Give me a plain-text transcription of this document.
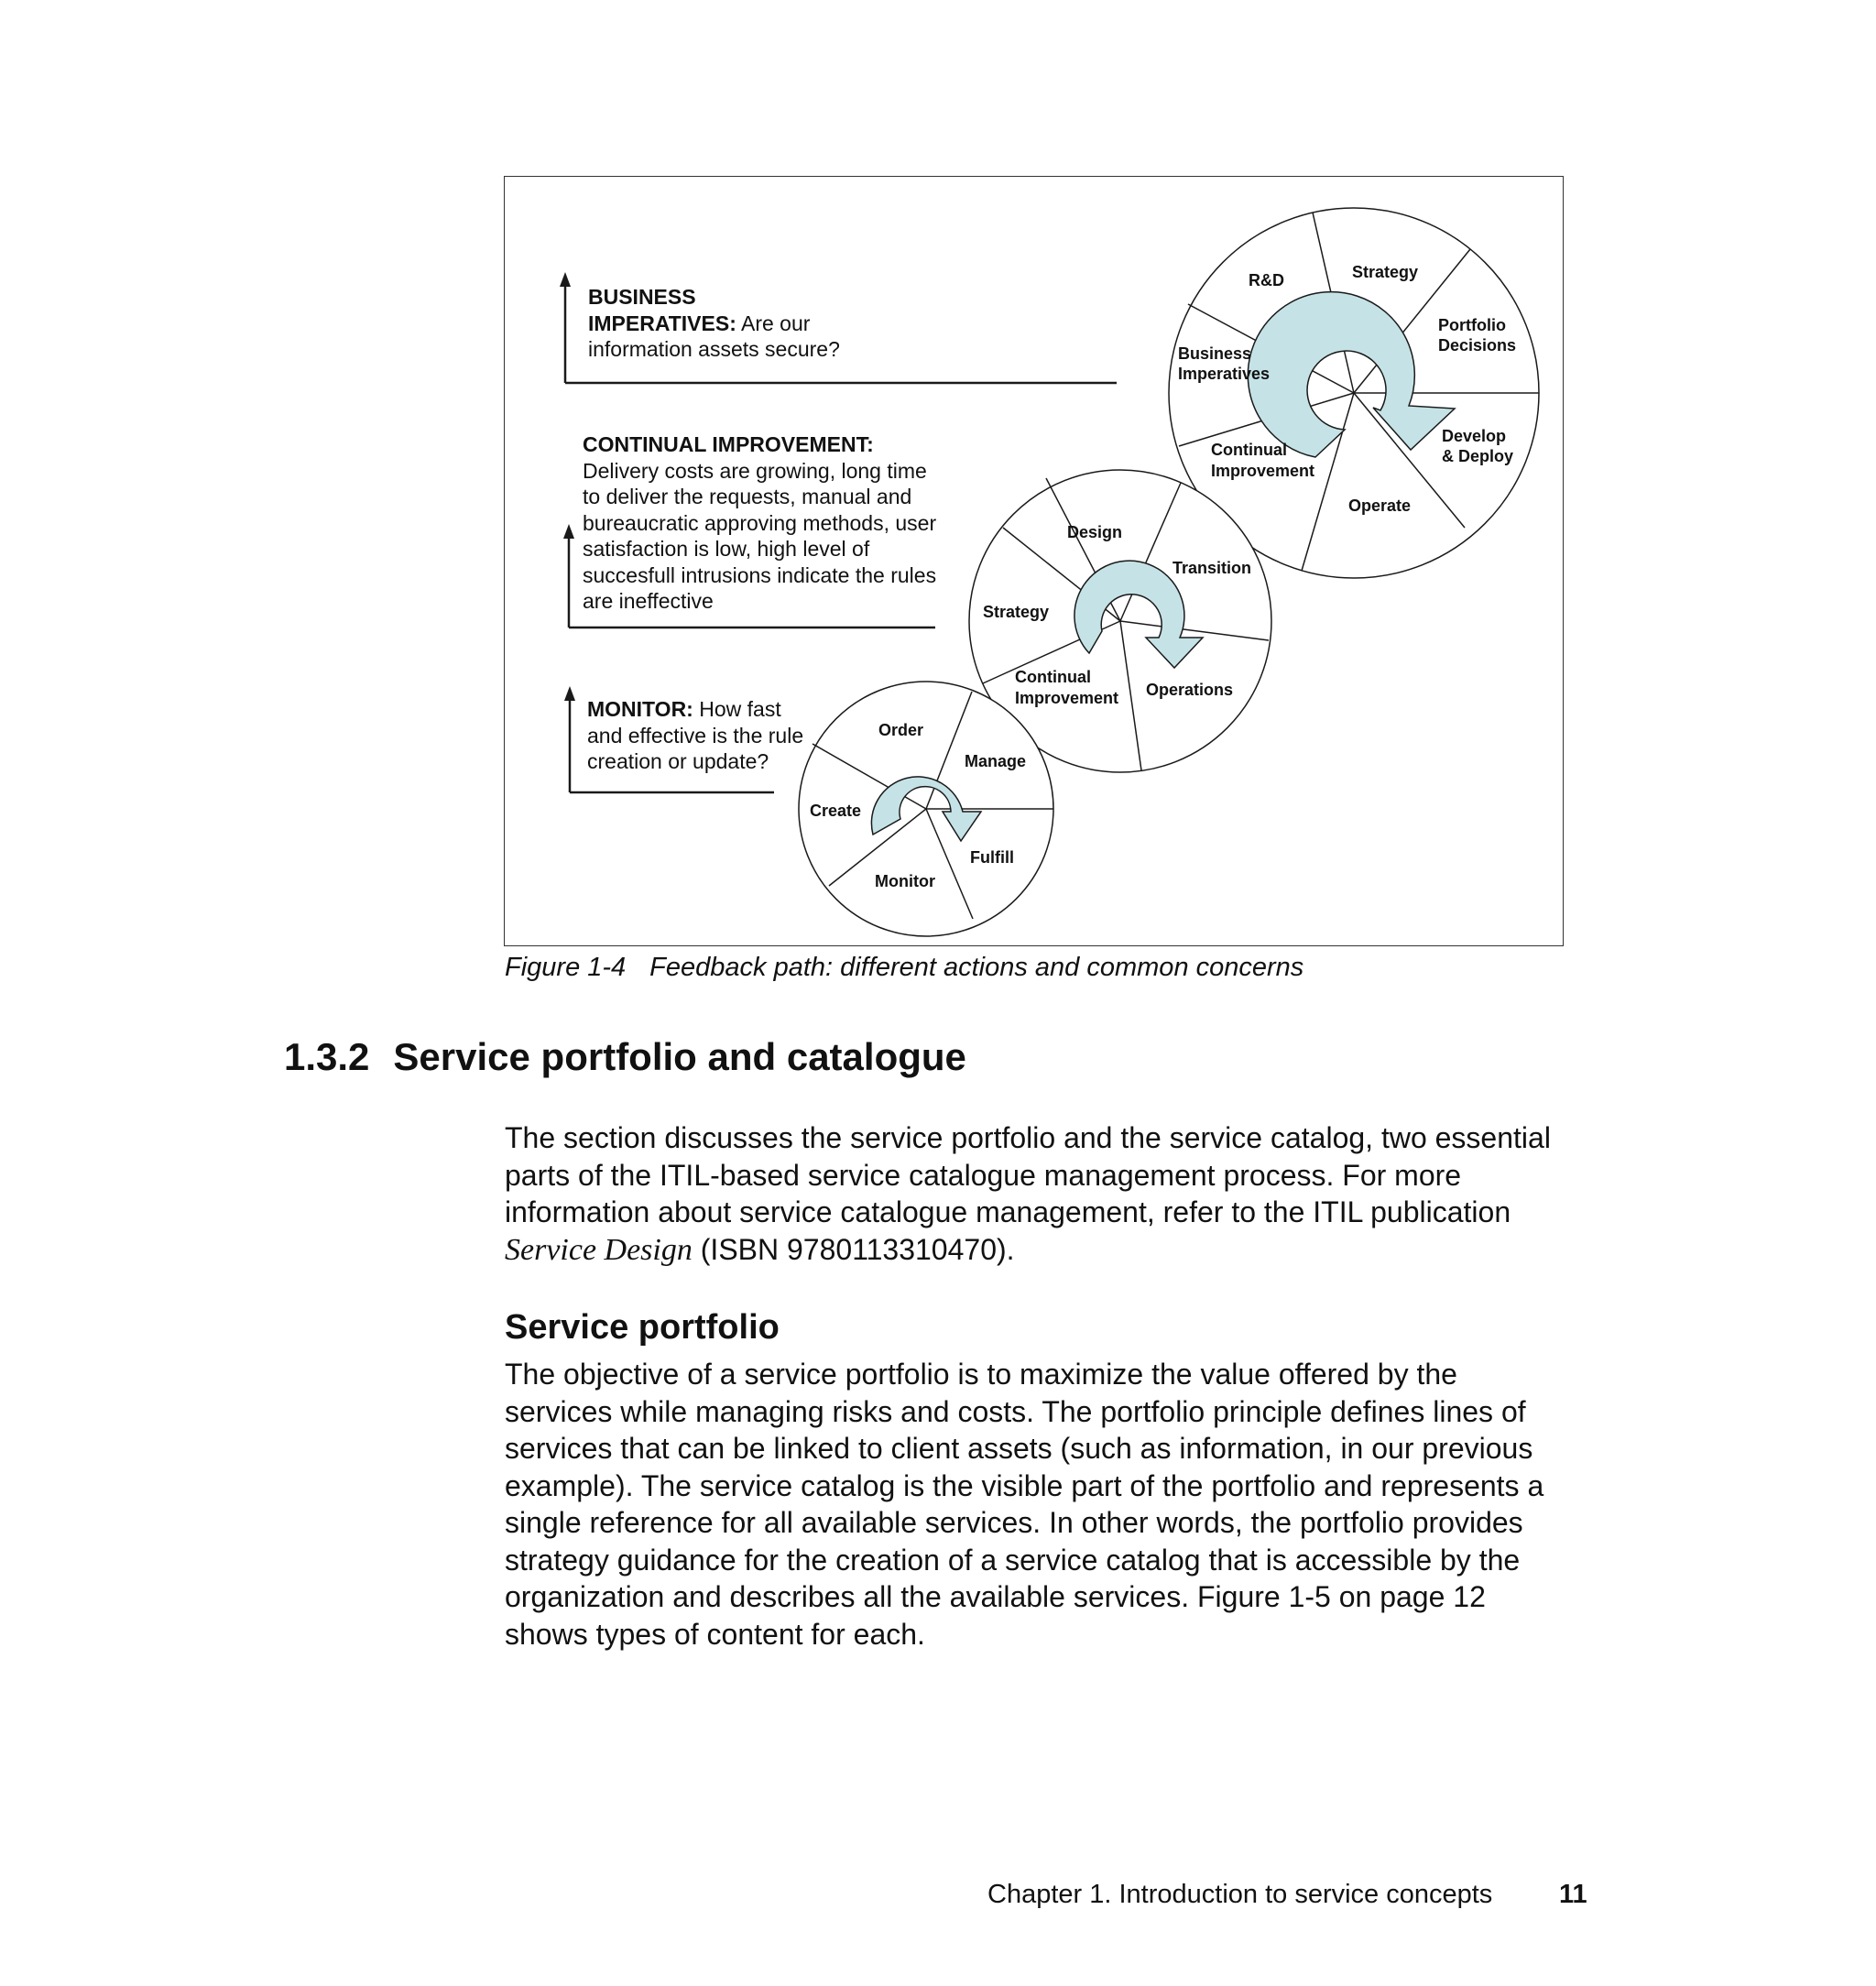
R&D	Strategy
Portfolio
Decisions
Business
Imperatives
Develop
& Deploy
Continual
Improvement
Operate
Design
Transition
Strategy
Continual
Improvement Operations
Order
Manage
Create
Fulfill
Monitor
BUSINESS
IMPERATIVES: Are our
information assets secure?
CONTINUAL IMPROVEMENT:
Delivery costs are growing, long time
to deliver the requests, manual and
bureaucratic approving methods, user
satisfaction is low, high level of
succesfull intrusions indicate the rules
are ineffective
MONITOR: How fast
and effective is the rule
creation or update?
Figure 1-4 Feedback path: different actions and common concerns
1.3.2 Service portfolio and catalogue
The section discusses the service portfolio and the service catalog, two essential
parts of the ITIL-based service catalogue management process. For more
information about service catalogue management, refer to the ITIL publication
Service Design (ISBN 9780113310470).
Service portfolio
The objective of a service portfolio is to maximize the value offered by the
services while managing risks and costs. The portfolio principle defines lines of
services that can be linked to client assets (such as information, in our previous
example). The service catalog is the visible part of the portfolio and represents a
single reference for all available services. In other words, the portfolio provides
strategy guidance for the creation of a service catalog that is accessible by the
organization and describes all the available services. Figure 1-5 on page 12
shows types of content for each.
Chapter 1. Introduction to service concepts	11
